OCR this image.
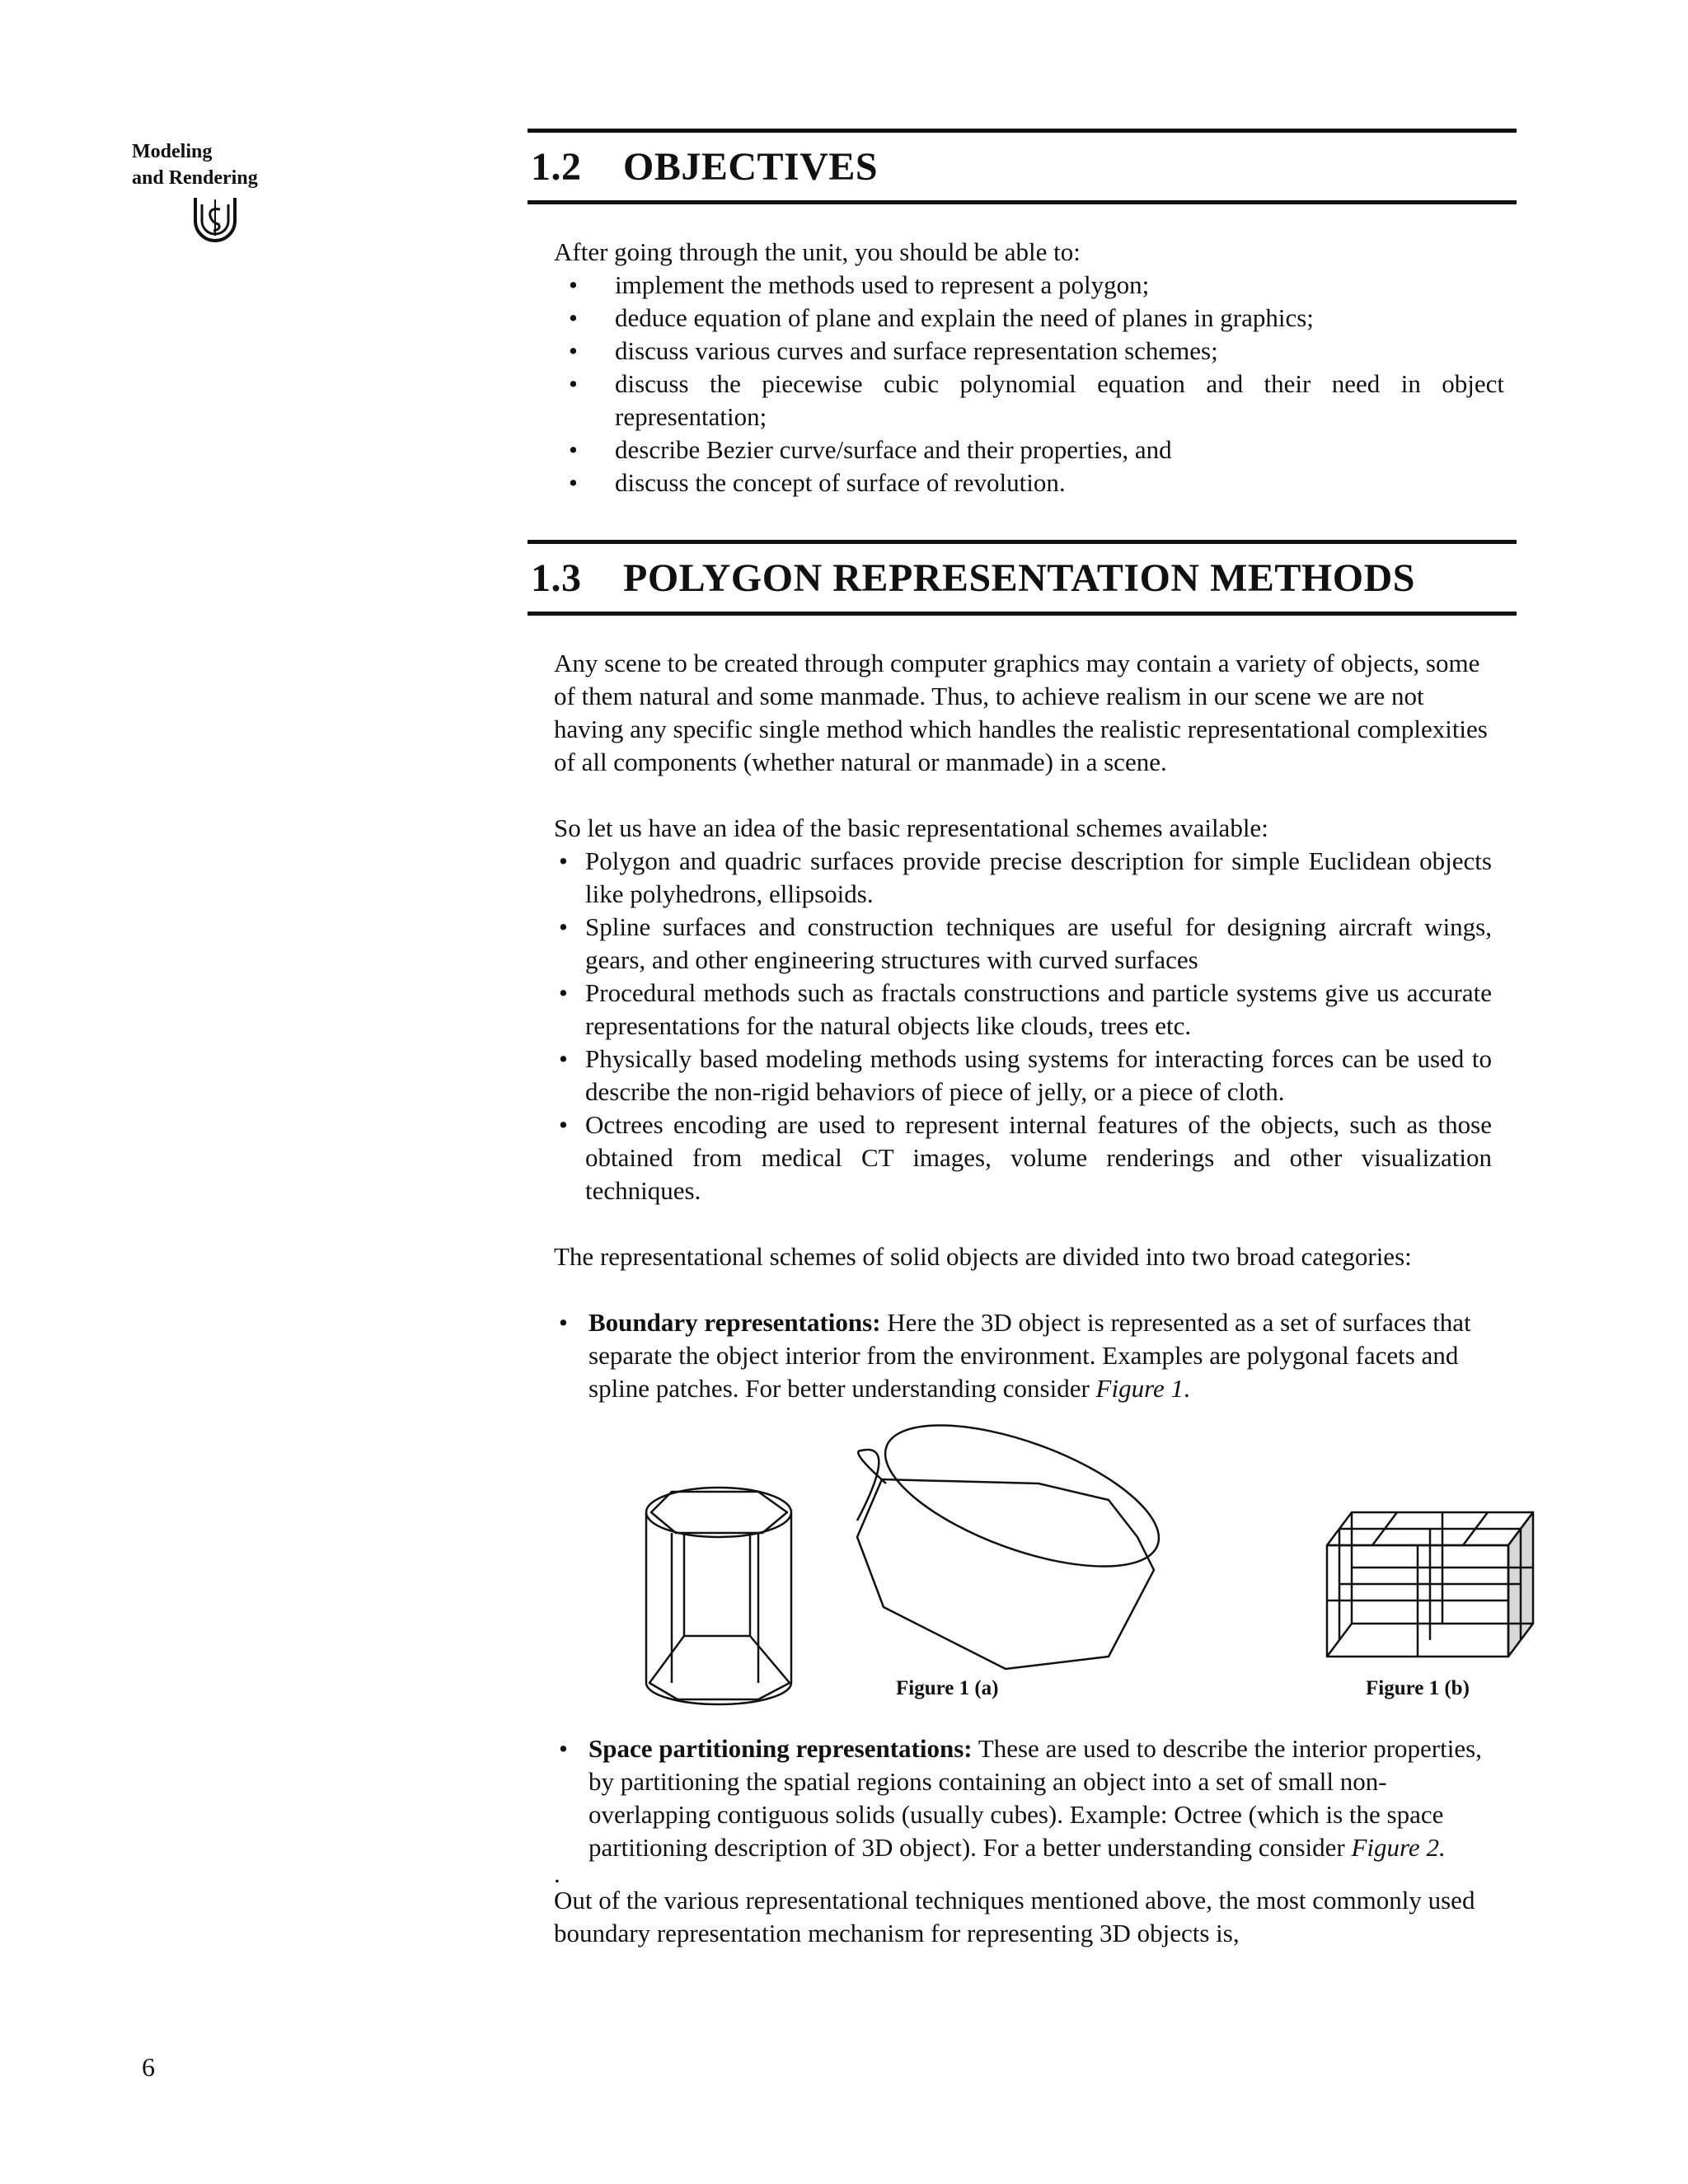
Modeling
and Rendering	1.2	OBJECTIVES
After going through the unit, you should be able to:
• implement the methods used to represent a polygon;
• deduce equation of plane and explain the need of planes in graphics;
• discuss various curves and surface representation schemes;
• discuss the piecewise cubic polynomial equation and their need in object representation;
• describe Bezier curve/surface and their properties, and
• discuss the concept of surface of revolution.
1.3	POLYGON REPRESENTATION METHODS
Any scene to be created through computer graphics may contain a variety of objects, some of them natural and some manmade. Thus, to achieve realism in our scene we are not having any specific single method which handles the realistic representational complexities of all components (whether natural or manmade) in a scene.
So let us have an idea of the basic representational schemes available:
• Polygon and quadric surfaces provide precise description for simple Euclidean objects like polyhedrons, ellipsoids.
• Spline surfaces and construction techniques are useful for designing aircraft wings, gears, and other engineering structures with curved surfaces
• Procedural methods such as fractals constructions and particle systems give us accurate representations for the natural objects like clouds, trees etc.
• Physically based modeling methods using systems for interacting forces can be used to describe the non-rigid behaviors of piece of jelly, or a piece of cloth.
• Octrees encoding are used to represent internal features of the objects, such as those obtained from medical CT images, volume renderings and other visualization techniques.
The representational schemes of solid objects are divided into two broad categories:
• Boundary representations: Here the 3D object is represented as a set of surfaces that separate the object interior from the environment. Examples are polygonal facets and spline patches. For better understanding consider Figure 1.
Figure 1 (a)	Figure 1 (b)
• Space partitioning representations: These are used to describe the interior properties, by partitioning the spatial regions containing an object into a set of small non-overlapping contiguous solids (usually cubes). Example: Octree (which is the space partitioning description of 3D object). For a better understanding consider Figure 2.
.
Out of the various representational techniques mentioned above, the most commonly used boundary representation mechanism for representing 3D objects is,
6
